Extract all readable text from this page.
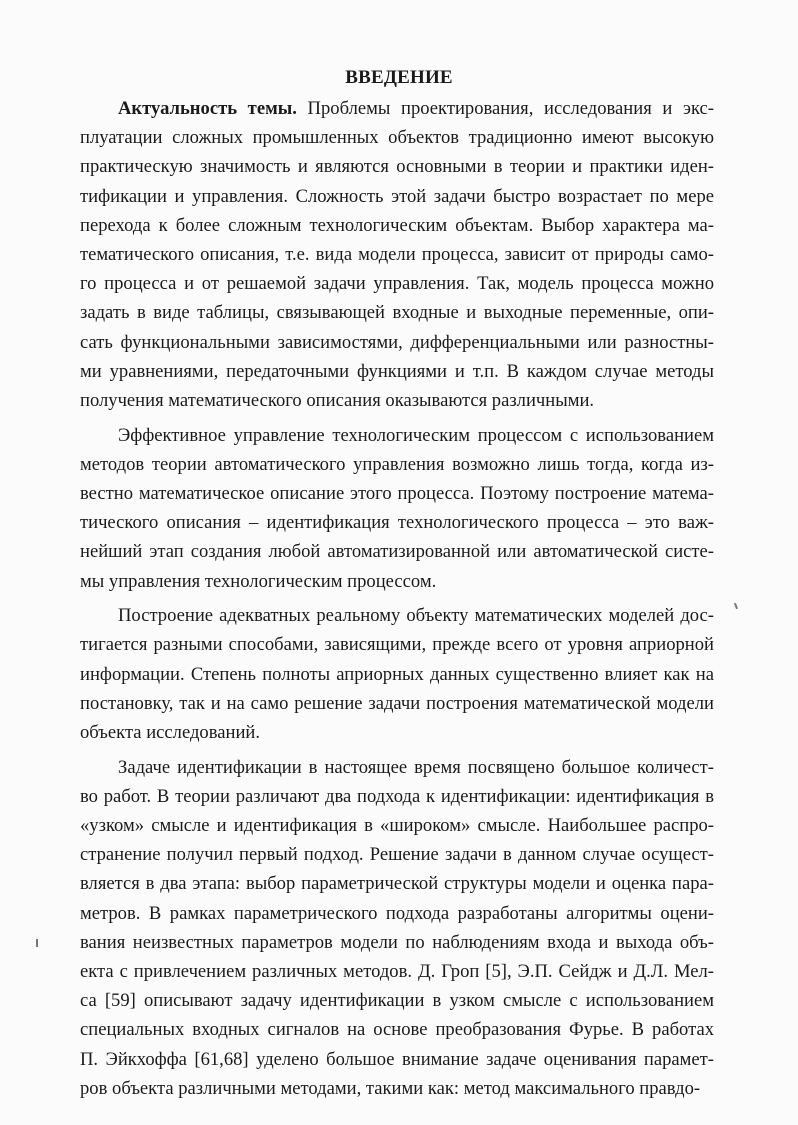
ВВЕДЕНИЕ
Актуальность темы. Проблемы проектирования, исследования и экс-
плуатации сложных промышленных объектов традиционно имеют высокую
практическую значимость и являются основными в теории и практики иден-
тификации и управления. Сложность этой задачи быстро возрастает по мере
перехода к более сложным технологическим объектам. Выбор характера ма-
тематического описания, т.е. вида модели процесса, зависит от природы само-
го процесса и от решаемой задачи управления. Так, модель процесса можно
задать в виде таблицы, связывающей входные и выходные переменные, опи-
сать функциональными зависимостями, дифференциальными или разностны-
ми уравнениями, передаточными функциями и т.п. В каждом случае методы
получения математического описания оказываются различными.
Эффективное управление технологическим процессом с использованием
методов теории автоматического управления возможно лишь тогда, когда из-
вестно математическое описание этого процесса. Поэтому построение матема-
тического описания – идентификация технологического процесса – это важ-
нейший этап создания любой автоматизированной или автоматической систе-
мы управления технологическим процессом.
Построение адекватных реальному объекту математических моделей дос-
тигается разными способами, зависящими, прежде всего от уровня априорной
информации. Степень полноты априорных данных существенно влияет как на
постановку, так и на само решение задачи построения математической модели
объекта исследований.
Задаче идентификации в настоящее время посвящено большое количест-
во работ. В теории различают два подхода к идентификации: идентификация в
«узком» смысле и идентификация в «широком» смысле. Наибольшее распро-
странение получил первый подход. Решение задачи в данном случае осущест-
вляется в два этапа: выбор параметрической структуры модели и оценка пара-
метров. В рамках параметрического подхода разработаны алгоритмы оцени-
вания неизвестных параметров модели по наблюдениям входа и выхода объ-
екта с привлечением различных методов. Д. Гроп [5], Э.П. Сейдж и Д.Л. Мел-
са [59] описывают задачу идентификации в узком смысле с использованием
специальных входных сигналов на основе преобразования Фурье. В работах
П. Эйкхоффа [61,68] уделено большое внимание задаче оценивания парамет-
ров объекта различными методами, такими как: метод максимального правдо-
